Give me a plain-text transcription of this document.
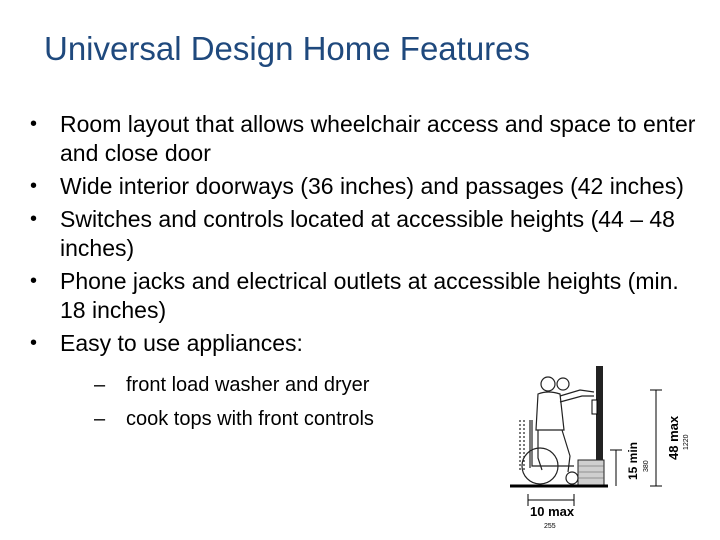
Universal Design Home Features
• Room layout that allows wheelchair access and space to enter and close door
• Wide interior doorways (36 inches) and passages (42 inches)
• Switches and controls located at accessible heights (44 – 48 inches)
• Phone jacks and electrical outlets at accessible heights (min. 18 inches)
• Easy to use appliances:
– front load washer and dryer
– cook tops with front controls
10 max
255
15 min 380
48 max 1220
